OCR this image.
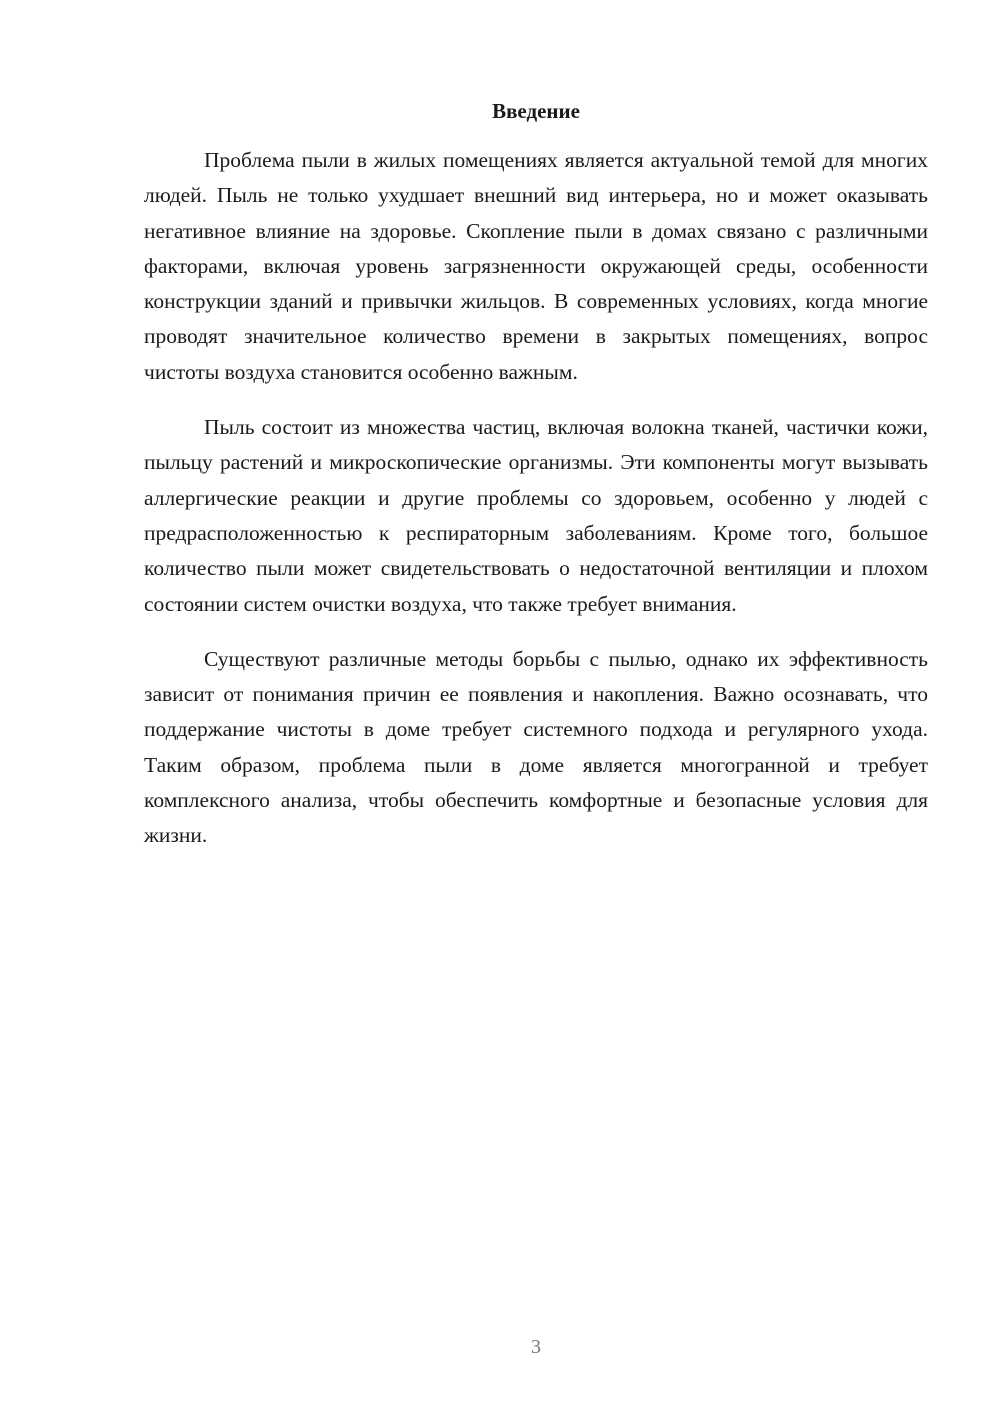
Введение

Проблема пыли в жилых помещениях является актуальной темой для многих людей. Пыль не только ухудшает внешний вид интерьера, но и может оказывать негативное влияние на здоровье. Скопление пыли в домах связано с различными факторами, включая уровень загрязненности окружающей среды, особенности конструкции зданий и привычки жильцов. В современных условиях, когда многие проводят значительное количество времени в закрытых помещениях, вопрос чистоты воздуха становится особенно важным.

Пыль состоит из множества частиц, включая волокна тканей, частички кожи, пыльцу растений и микроскопические организмы. Эти компоненты могут вызывать аллергические реакции и другие проблемы со здоровьем, особенно у людей с предрасположенностью к респираторным заболеваниям. Кроме того, большое количество пыли может свидетельствовать о недостаточной вентиляции и плохом состоянии систем очистки воздуха, что также требует внимания.

Существуют различные методы борьбы с пылью, однако их эффективность зависит от понимания причин ее появления и накопления. Важно осознавать, что поддержание чистоты в доме требует системного подхода и регулярного ухода. Таким образом, проблема пыли в доме является многогранной и требует комплексного анализа, чтобы обеспечить комфортные и безопасные условия для жизни.

3
